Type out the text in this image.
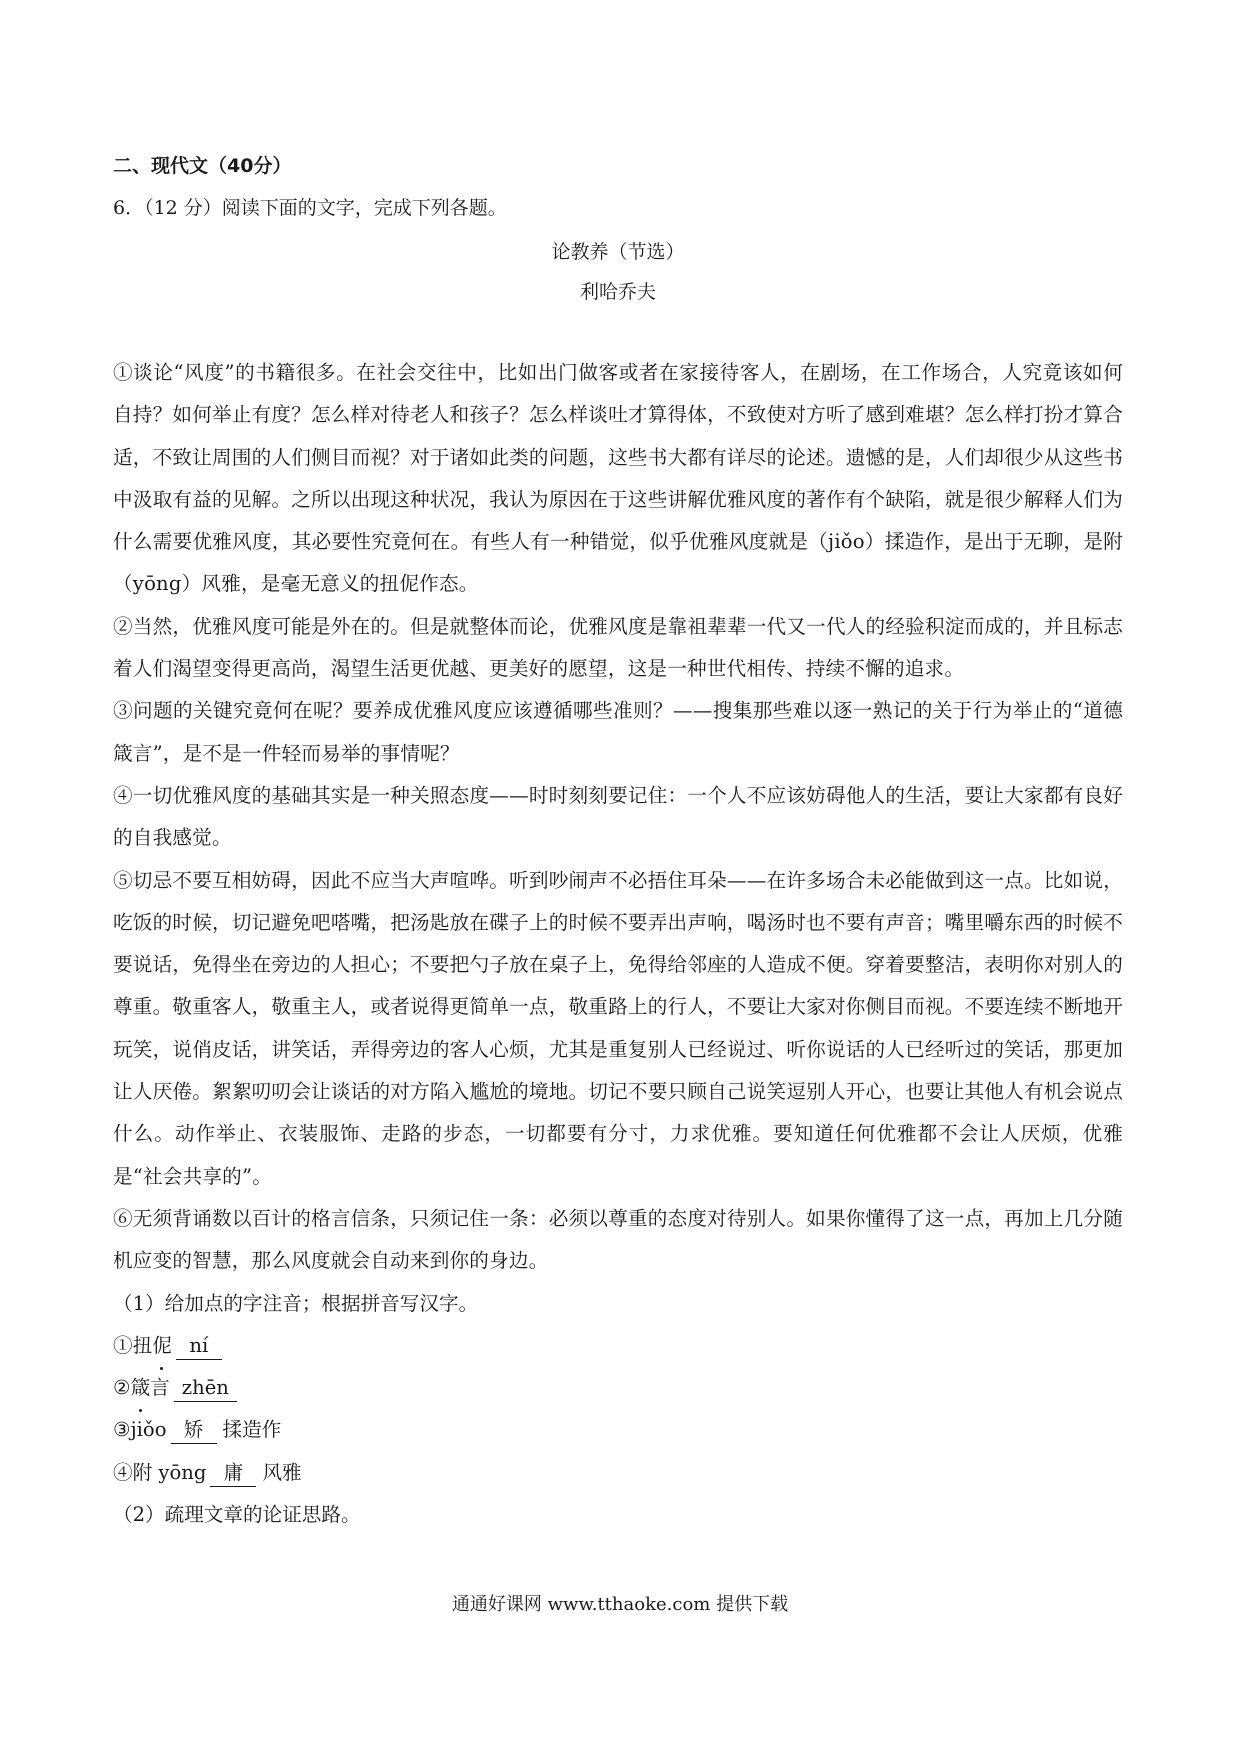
二、现代文（40分）

6．（12 分）阅读下面的文字，完成下列各题。

论教养（节选）

利哈乔夫

①谈论“风度”的书籍很多。在社会交往中，比如出门做客或者在家接待客人，在剧场，在工作场合，人究竟该如何自持？如何举止有度？怎么样对待老人和孩子？怎么样谈吐才算得体，不致使对方听了感到难堪？怎么样打扮才算合适，不致让周围的人们侧目而视？对于诸如此类的问题，这些书大都有详尽的论述。遗憾的是，人们却很少从这些书中汲取有益的见解。之所以出现这种状况，我认为原因在于这些讲解优雅风度的著作有个缺陷，就是很少解释人们为什么需要优雅风度，其必要性究竟何在。有些人有一种错觉，似乎优雅风度就是（jiǒo）揉造作，是出于无聊，是附（yōng）风雅，是毫无意义的扭伲作态。

②当然，优雅风度可能是外在的。但是就整体而论，优雅风度是靠祖辈辈一代又一代人的经验积淀而成的，并且标志着人们渴望变得更高尚，渴望生活更优越、更美好的愿望，这是一种世代相传、持续不懈的追求。

③问题的关键究竟何在呢？要养成优雅风度应该遵循哪些准则？——搜集那些难以逐一熟记的关于行为举止的“道德箴言”，是不是一件轻而易举的事情呢？

④一切优雅风度的基础其实是一种关照态度——时时刻刻要记住：一个人不应该妨碍他人的生活，要让大家都有良好的自我感觉。

⑤切忌不要互相妨碍，因此不应当大声喧哗。听到吵闹声不必捂住耳朵——在许多场合未必能做到这一点。比如说，吃饭的时候，切记避免吧嗒嘴，把汤匙放在碟子上的时候不要弄出声响，喝汤时也不要有声音；嘴里嚼东西的时候不要说话，免得坐在旁边的人担心；不要把勺子放在桌子上，免得给邻座的人造成不便。穿着要整洁，表明你对别人的尊重。敬重客人，敬重主人，或者说得更简单一点，敬重路上的行人，不要让大家对你侧目而视。不要连续不断地开玩笑，说俏皮话，讲笑话，弄得旁边的客人心烦，尤其是重复别人已经说过、听你说话的人已经听过的笑话，那更加让人厌倦。絮絮叨叨会让谈话的对方陷入尴尬的境地。切记不要只顾自己说笑逗别人开心，也要让其他人有机会说点什么。动作举止、衣装服饰、走路的步态，一切都要有分寸，力求优雅。要知道任何优雅都不会让人厌烦，优雅是“社会共享的”。

⑥无须背诵数以百计的格言信条，只须记住一条：必须以尊重的态度对待别人。如果你懂得了这一点，再加上几分随机应变的智慧，那么风度就会自动来到你的身边。

（1）给加点的字注音；根据拼音写汉字。

①扭伲 ní

②箴言 zhēn

③jiǒo 矫 揉造作

④附 yōng 庸 风雅

（2）疏理文章的论证思路。

通通好课网 www.tthaoke.com 提供下载
